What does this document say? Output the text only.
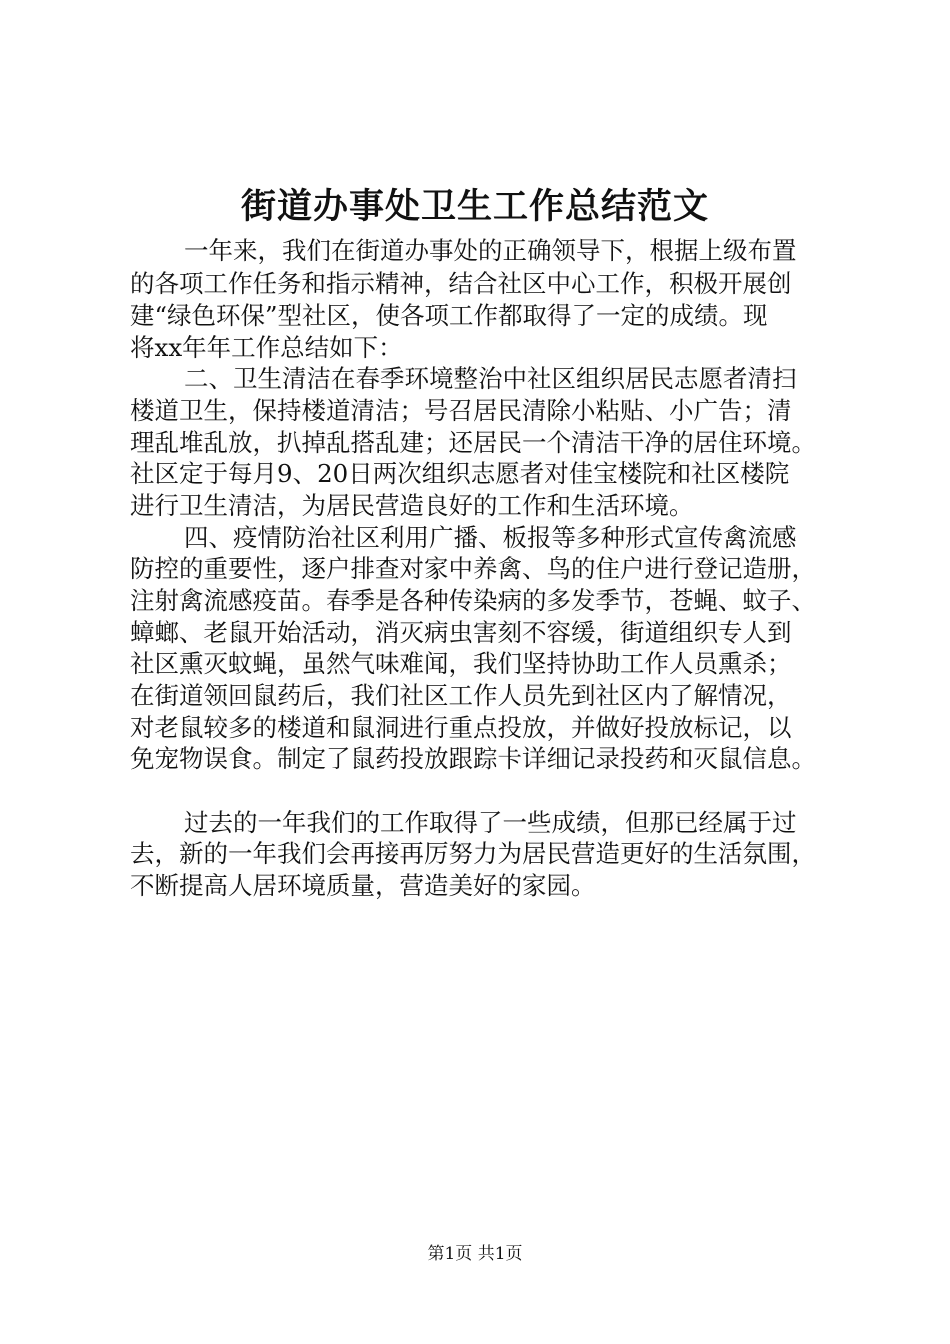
街道办事处卫生工作总结范文

一年来，我们在街道办事处的正确领导下，根据上级布置

的各项工作任务和指示精神，结合社区中心工作，积极开展创

建“绿色环保”型社区，使各项工作都取得了一定的成绩。现

将xx年年工作总结如下：

二、卫生清洁在春季环境整治中社区组织居民志愿者清扫

楼道卫生，保持楼道清洁；号召居民清除小粘贴、小广告；清

理乱堆乱放，扒掉乱搭乱建；还居民一个清洁干净的居住环境。

社区定于每月9、20日两次组织志愿者对佳宝楼院和社区楼院

进行卫生清洁，为居民营造良好的工作和生活环境。

四、疫情防治社区利用广播、板报等多种形式宣传禽流感

防控的重要性，逐户排查对家中养禽、鸟的住户进行登记造册，

注射禽流感疫苗。春季是各种传染病的多发季节，苍蝇、蚊子、

蟑螂、老鼠开始活动，消灭病虫害刻不容缓，街道组织专人到

社区熏灭蚊蝇，虽然气味难闻，我们坚持协助工作人员熏杀；

在街道领回鼠药后，我们社区工作人员先到社区内了解情况，

对老鼠较多的楼道和鼠洞进行重点投放，并做好投放标记，以

免宠物误食。制定了鼠药投放跟踪卡详细记录投药和灭鼠信息。

过去的一年我们的工作取得了一些成绩，但那已经属于过

去，新的一年我们会再接再厉努力为居民营造更好的生活氛围，

不断提高人居环境质量，营造美好的家园。

第1页 共1页
